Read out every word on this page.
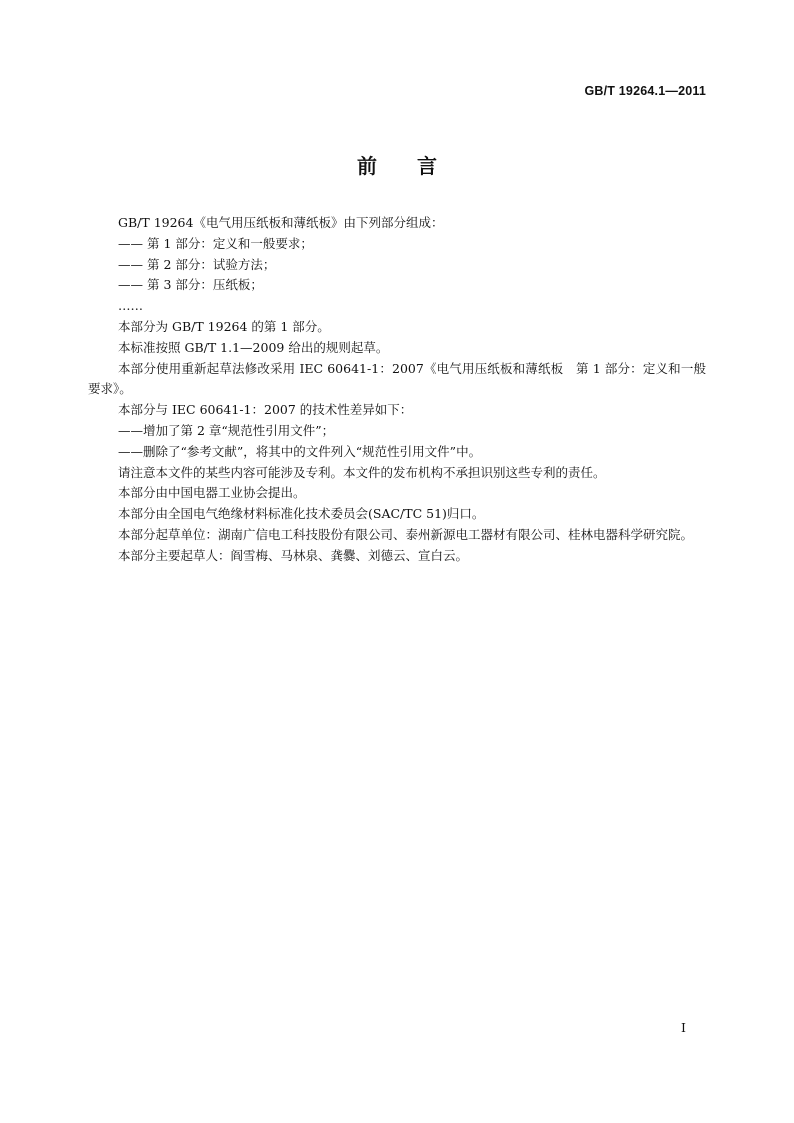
GB/T 19264.1—2011
前言

GB/T 19264《电气用压纸板和薄纸板》由下列部分组成：

—— 第 1 部分：定义和一般要求；

—— 第 2 部分：试验方法；

—— 第 3 部分：压纸板；

……

本部分为 GB/T 19264 的第 1 部分。

本标准按照 GB/T 1.1—2009 给出的规则起草。

本部分使用重新起草法修改采用 IEC 60641-1：2007《电气用压纸板和薄纸板　第 1 部分：定义和一般要求》。

本部分与 IEC 60641-1：2007 的技术性差异如下：

——增加了第 2 章“规范性引用文件”；

——删除了“参考文献”，将其中的文件列入“规范性引用文件”中。

请注意本文件的某些内容可能涉及专利。本文件的发布机构不承担识别这些专利的责任。

本部分由中国电器工业协会提出。

本部分由全国电气绝缘材料标准化技术委员会(SAC/TC 51)归口。

本部分起草单位：湖南广信电工科技股份有限公司、泰州新源电工器材有限公司、桂林电器科学研究院。

本部分主要起草人：阎雪梅、马林泉、龚爨、刘德云、宣白云。

I
